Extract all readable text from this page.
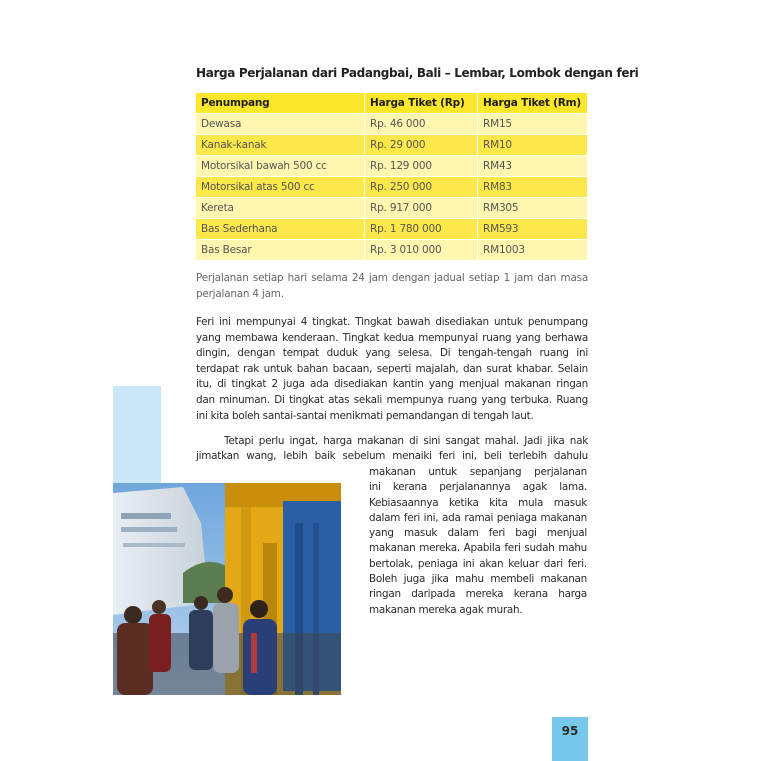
Harga Perjalanan dari Padangbai, Bali – Lembar, Lombok dengan feri
Penumpang	Harga Tiket (Rp)	Harga Tiket (Rm)
Dewasa	Rp. 46 000	RM15
Kanak-kanak	Rp. 29 000	RM10
Motorsikal bawah 500 cc	Rp. 129 000	RM43
Motorsikal atas 500 cc	Rp. 250 000	RM83
Kereta	Rp. 917 000	RM305
Bas Sederhana	Rp. 1 780 000	RM593
Bas Besar	Rp. 3 010 000	RM1003
Perjalanan setiap hari selama 24 jam dengan jadual setiap 1 jam dan masa
perjalanan 4 jam.
Feri ini mempunyai 4 tingkat. Tingkat bawah disediakan untuk penumpang
yang membawa kenderaan. Tingkat kedua mempunyai ruang yang berhawa
dingin, dengan tempat duduk yang selesa. Di tengah-tengah ruang ini
terdapat rak untuk bahan bacaan, seperti majalah, dan surat khabar. Selain
itu, di tingkat 2 juga ada disediakan kantin yang menjual makanan ringan
dan minuman. Di tingkat atas sekali mempunya ruang yang terbuka. Ruang
ini kita boleh santai-santai menikmati pemandangan di tengah laut.
Tetapi perlu ingat, harga makanan di sini sangat mahal. Jadi jika nak
jimatkan wang, lebih baik sebelum menaiki feri ini, beli terlebih dahulu
makanan untuk sepanjang perjalanan
ini kerana perjalanannya agak lama.
Kebiasaannya ketika kita mula masuk
dalam feri ini, ada ramai peniaga makanan
yang masuk dalam feri bagi menjual
makanan mereka. Apabila feri sudah mahu
bertolak, peniaga ini akan keluar dari feri.
Boleh juga jika mahu membeli makanan
ringan daripada mereka kerana harga
makanan mereka agak murah.
95
